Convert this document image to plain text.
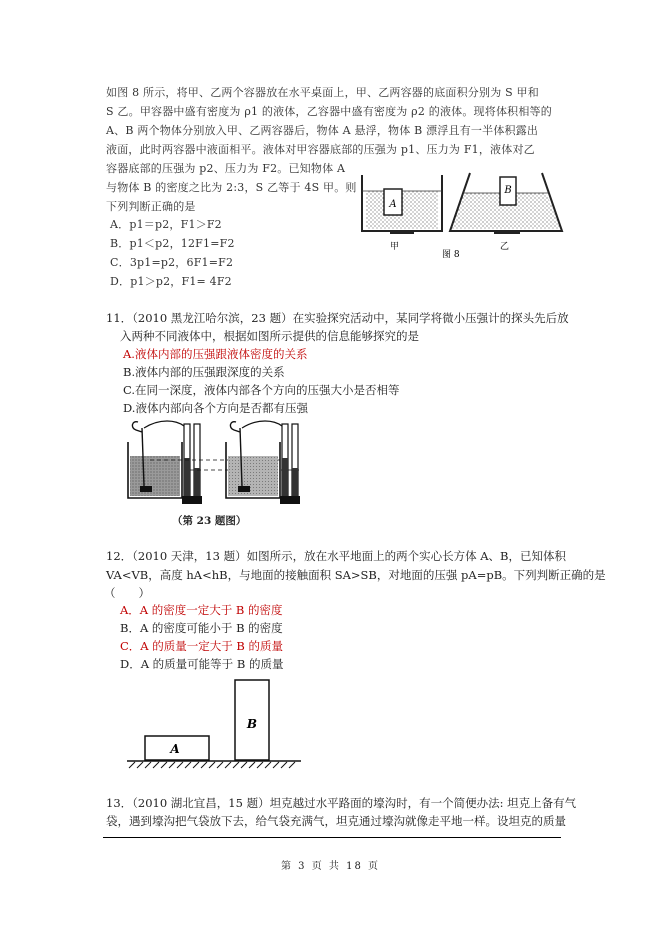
如图 8 所示，将甲、乙两个容器放在水平桌面上，甲、乙两容器的底面积分别为 S 甲和
S 乙。甲容器中盛有密度为 ρ1 的液体，乙容器中盛有密度为 ρ2 的液体。现将体积相等的
A、B 两个物体分别放入甲、乙两容器后，物体 A 悬浮，物体 B 漂浮且有一半体积露出
液面，此时两容器中液面相平。液体对甲容器底部的压强为 p1、压力为 F1，液体对乙
容器底部的压强为 p2、压力为 F2。已知物体 A
与物体 B 的密度之比为 2:3，S 乙等于 4S 甲。则
下列判断正确的是
A．p1＝p2，F1＞F2
B．p1＜p2，12F1=F2
C．3p1=p2，6F1=F2
D．p1＞p2，F1= 4F2
A
B
甲	乙
图 8
11．（2010 黑龙江哈尔滨，23 题）在实验探究活动中，某同学将微小压强计的探头先后放
入两种不同液体中，根据如图所示提供的信息能够探究的是
A.液体内部的压强跟液体密度的关系
B.液体内部的压强跟深度的关系
C.在同一深度，液体内部各个方向的压强大小是否相等
D.液体内部向各个方向是否都有压强
（第 23 题图）
12．（2010 天津，13 题）如图所示，放在水平地面上的两个实心长方体 A、B，已知体积
VA<VB，高度 hA<hB，与地面的接触面积 SA>SB，对地面的压强 pA=pB。下列判断正确的是
（　　）
A．A 的密度一定大于 B 的密度
B．A 的密度可能小于 B 的密度
C．A 的质量一定大于 B 的质量
D．A 的质量可能等于 B 的质量
A
B
13．（2010 湖北宜昌，15 题）坦克越过水平路面的壕沟时，有一个简便办法: 坦克上备有气
袋，遇到壕沟把气袋放下去，给气袋充满气，坦克通过壕沟就像走平地一样。设坦克的质量
第 3 页 共 18 页
